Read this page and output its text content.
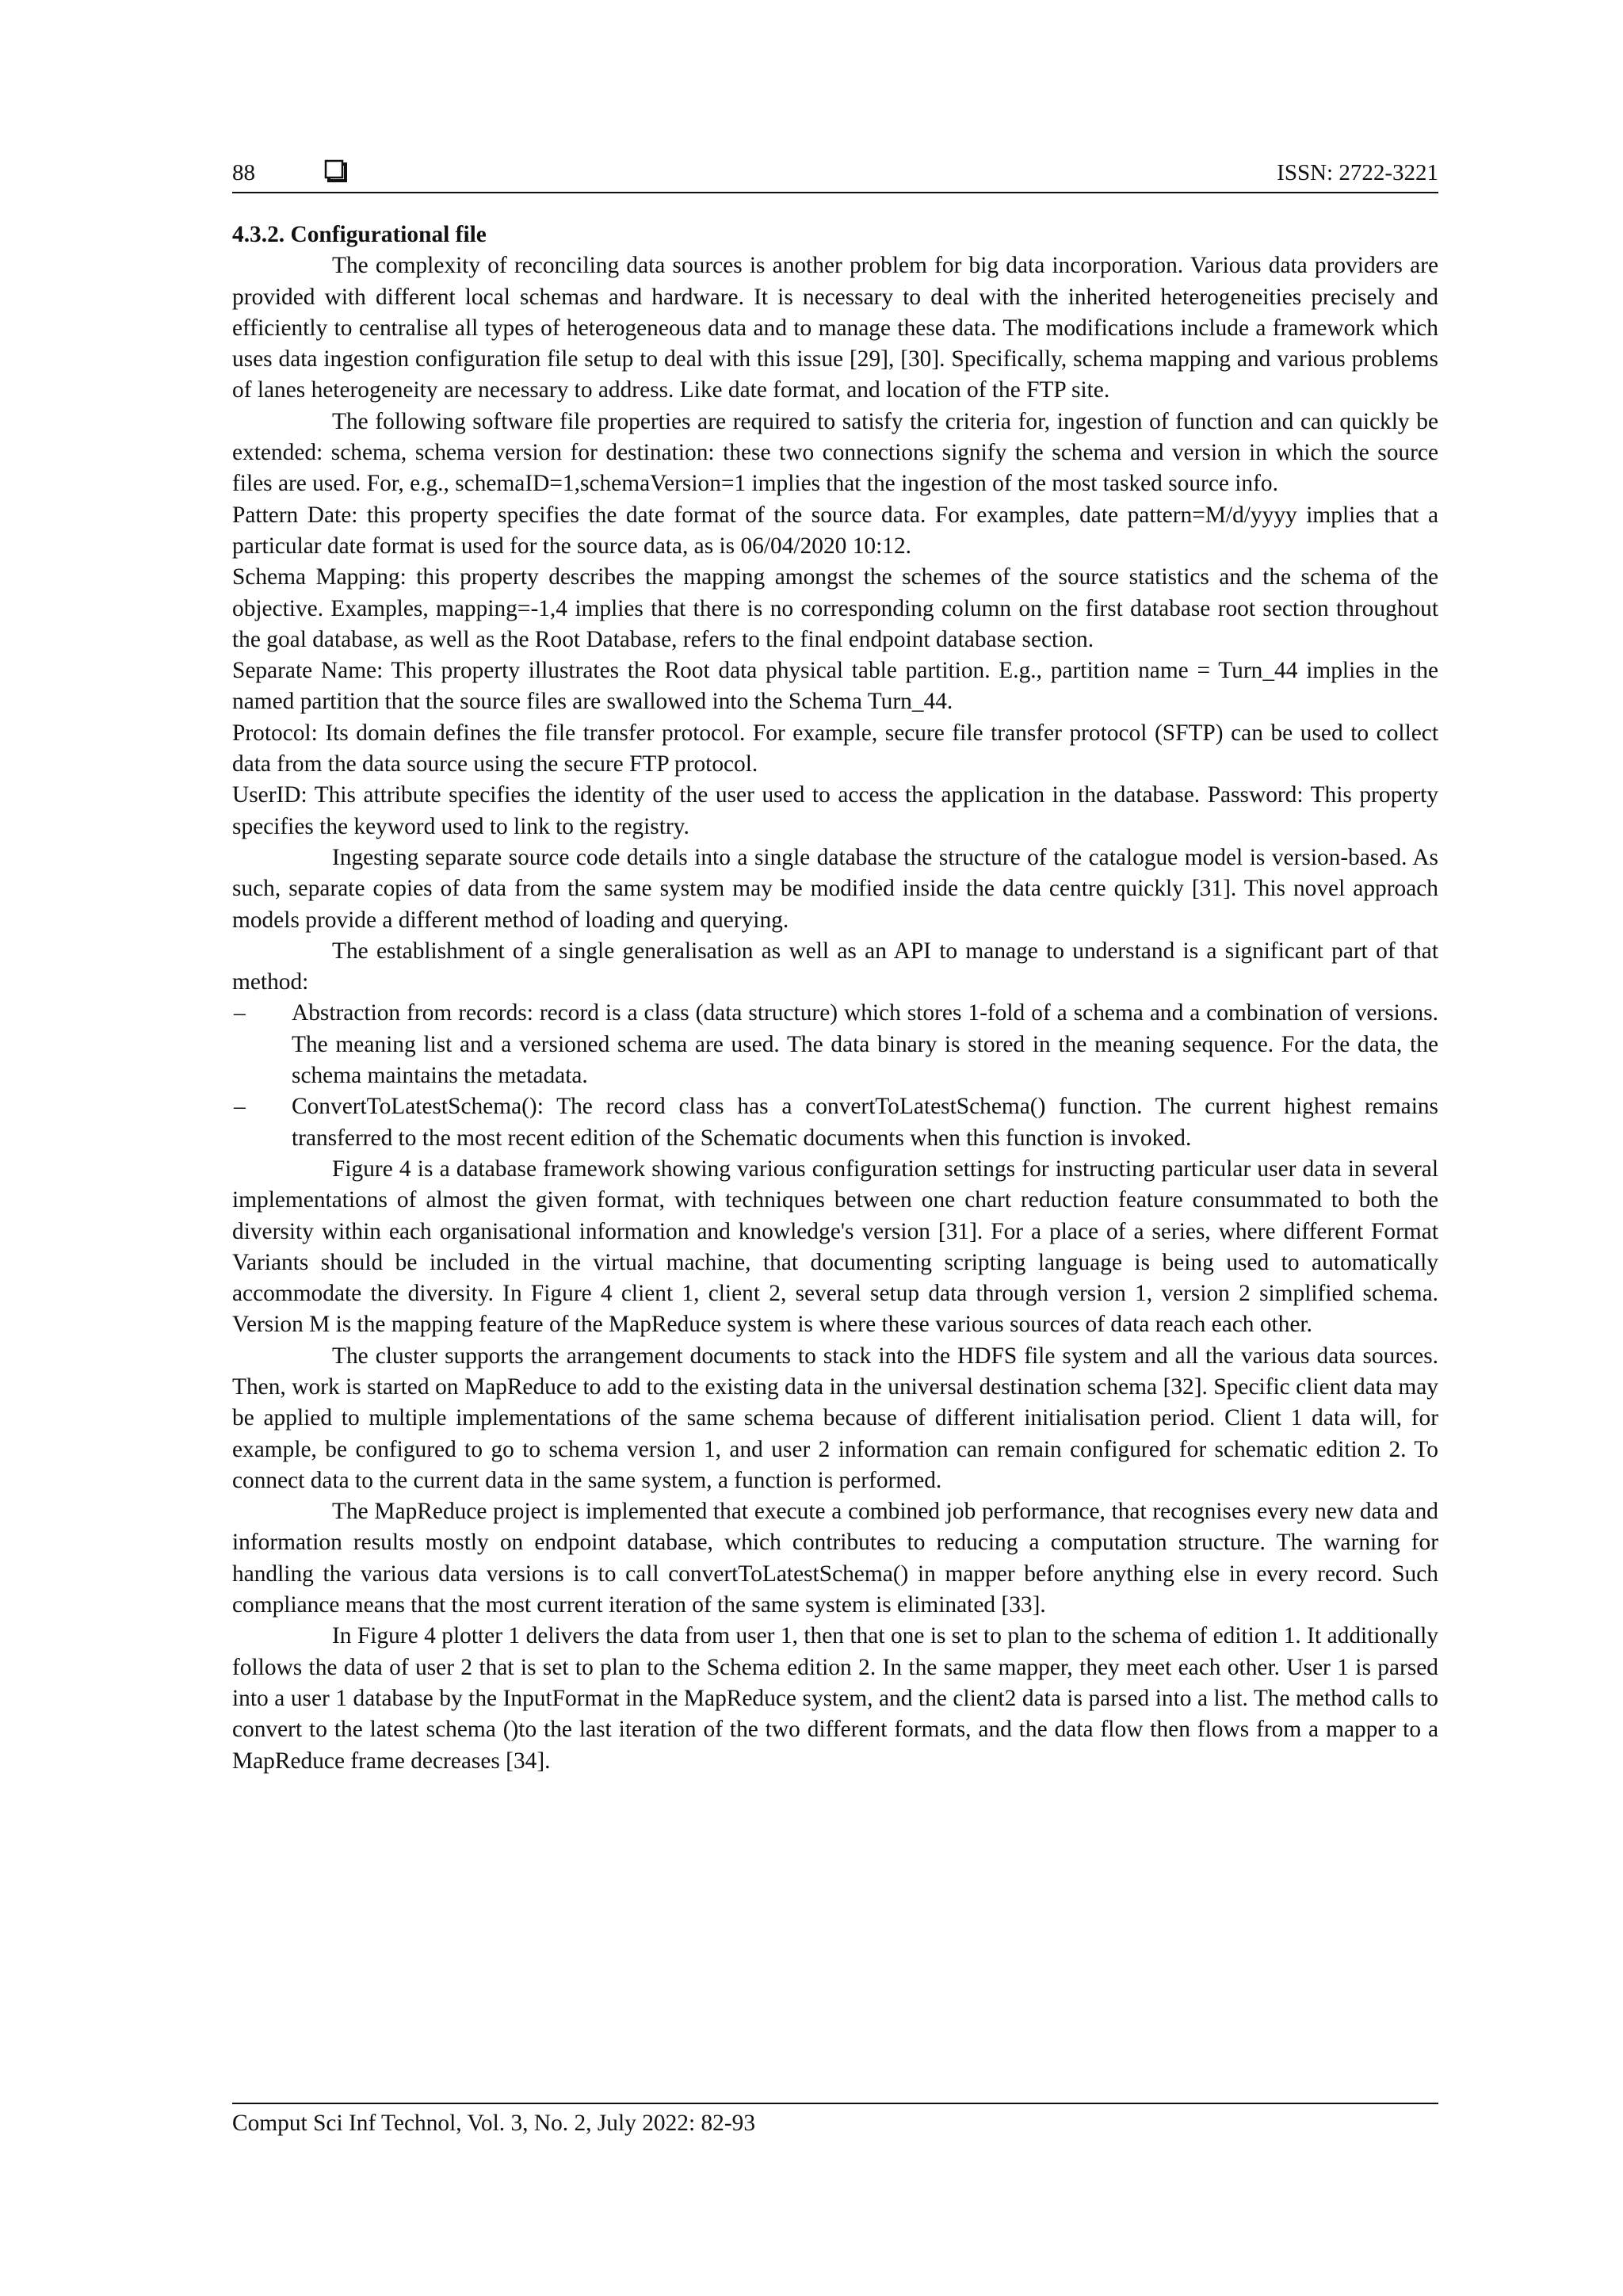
88	ISSN: 2722-3221

4.3.2. Configurational file

The complexity of reconciling data sources is another problem for big data incorporation. Various data providers are provided with different local schemas and hardware. It is necessary to deal with the inherited heterogeneities precisely and efficiently to centralise all types of heterogeneous data and to manage these data. The modifications include a framework which uses data ingestion configuration file setup to deal with this issue [29], [30]. Specifically, schema mapping and various problems of lanes heterogeneity are necessary to address. Like date format, and location of the FTP site.

The following software file properties are required to satisfy the criteria for, ingestion of function and can quickly be extended: schema, schema version for destination: these two connections signify the schema and version in which the source files are used. For, e.g., schemaID=1,schemaVersion=1 implies that the ingestion of the most tasked source info.

Pattern Date: this property specifies the date format of the source data. For examples, date pattern=M/d/yyyy implies that a particular date format is used for the source data, as is 06/04/2020 10:12.

Schema Mapping: this property describes the mapping amongst the schemes of the source statistics and the schema of the objective. Examples, mapping=-1,4 implies that there is no corresponding column on the first database root section throughout the goal database, as well as the Root Database, refers to the final endpoint database section.

Separate Name: This property illustrates the Root data physical table partition. E.g., partition name = Turn_44 implies in the named partition that the source files are swallowed into the Schema Turn_44.

Protocol: Its domain defines the file transfer protocol. For example, secure file transfer protocol (SFTP) can be used to collect data from the data source using the secure FTP protocol.

UserID: This attribute specifies the identity of the user used to access the application in the database. Password: This property specifies the keyword used to link to the registry.

Ingesting separate source code details into a single database the structure of the catalogue model is version-based. As such, separate copies of data from the same system may be modified inside the data centre quickly [31]. This novel approach models provide a different method of loading and querying.

The establishment of a single generalisation as well as an API to manage to understand is a significant part of that method:

– Abstraction from records: record is a class (data structure) which stores 1-fold of a schema and a combination of versions. The meaning list and a versioned schema are used. The data binary is stored in the meaning sequence. For the data, the schema maintains the metadata.
– ConvertToLatestSchema(): The record class has a convertToLatestSchema() function. The current highest remains transferred to the most recent edition of the Schematic documents when this function is invoked.

Figure 4 is a database framework showing various configuration settings for instructing particular user data in several implementations of almost the given format, with techniques between one chart reduction feature consummated to both the diversity within each organisational information and knowledge's version [31]. For a place of a series, where different Format Variants should be included in the virtual machine, that documenting scripting language is being used to automatically accommodate the diversity. In Figure 4 client 1, client 2, several setup data through version 1, version 2 simplified schema. Version M is the mapping feature of the MapReduce system is where these various sources of data reach each other.

The cluster supports the arrangement documents to stack into the HDFS file system and all the various data sources. Then, work is started on MapReduce to add to the existing data in the universal destination schema [32]. Specific client data may be applied to multiple implementations of the same schema because of different initialisation period. Client 1 data will, for example, be configured to go to schema version 1, and user 2 information can remain configured for schematic edition 2. To connect data to the current data in the same system, a function is performed.

The MapReduce project is implemented that execute a combined job performance, that recognises every new data and information results mostly on endpoint database, which contributes to reducing a computation structure. The warning for handling the various data versions is to call convertToLatestSchema() in mapper before anything else in every record. Such compliance means that the most current iteration of the same system is eliminated [33].

In Figure 4 plotter 1 delivers the data from user 1, then that one is set to plan to the schema of edition 1. It additionally follows the data of user 2 that is set to plan to the Schema edition 2. In the same mapper, they meet each other. User 1 is parsed into a user 1 database by the InputFormat in the MapReduce system, and the client2 data is parsed into a list. The method calls to convert to the latest schema ()to the last iteration of the two different formats, and the data flow then flows from a mapper to a MapReduce frame decreases [34].

Comput Sci Inf Technol, Vol. 3, No. 2, July 2022: 82-93
